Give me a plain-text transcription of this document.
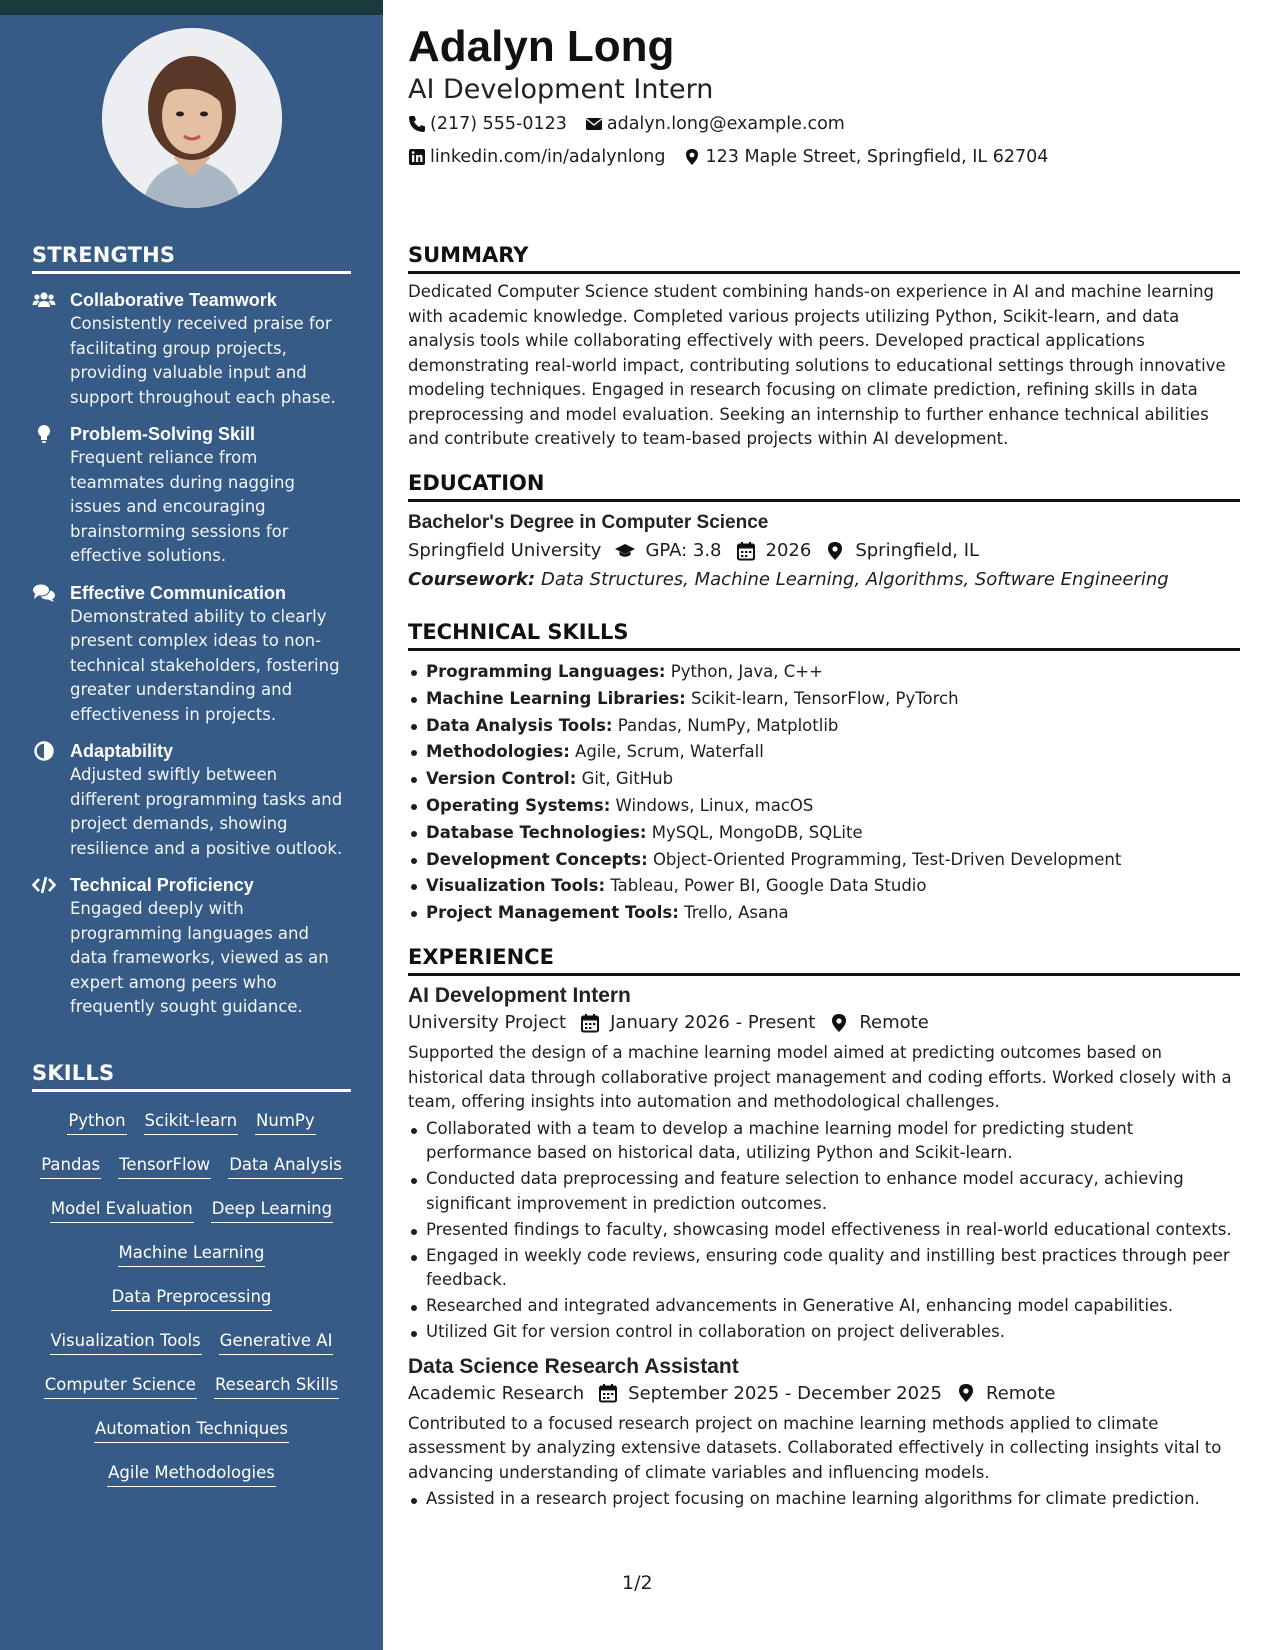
STRENGTHS
Collaborative Teamwork
Consistently received praise for facilitating group projects, providing valuable input and support throughout each phase.
Problem-Solving Skill
Frequent reliance from teammates during nagging issues and encouraging brainstorming sessions for effective solutions.
Effective Communication
Demonstrated ability to clearly present complex ideas to non-technical stakeholders, fostering greater understanding and effectiveness in projects.
Adaptability
Adjusted swiftly between different programming tasks and project demands, showing resilience and a positive outlook.
Technical Proficiency
Engaged deeply with programming languages and data frameworks, viewed as an expert among peers who frequently sought guidance.
SKILLS
Python Scikit-learn NumPy
Pandas TensorFlow Data Analysis
Model Evaluation Deep Learning
Machine Learning
Data Preprocessing
Visualization Tools Generative AI
Computer Science Research Skills
Automation Techniques
Agile Methodologies
Adalyn Long
AI Development Intern
(217) 555-0123 adalyn.long@example.com
linkedin.com/in/adalynlong 123 Maple Street, Springfield, IL 62704
SUMMARY

Dedicated Computer Science student combining hands-on experience in AI and machine learning with academic knowledge. Completed various projects utilizing Python, Scikit-learn, and data analysis tools while collaborating effectively with peers. Developed practical applications demonstrating real-world impact, contributing solutions to educational settings through innovative modeling techniques. Engaged in research focusing on climate prediction, refining skills in data preprocessing and model evaluation. Seeking an internship to further enhance technical abilities and contribute creatively to team-based projects within AI development.

EDUCATION
Bachelor's Degree in Computer Science
Springfield University GPA: 3.8 2026 Springfield, IL
Coursework: Data Structures, Machine Learning, Algorithms, Software Engineering
TECHNICAL SKILLS
Programming Languages: Python, Java, C++
Machine Learning Libraries: Scikit-learn, TensorFlow, PyTorch
Data Analysis Tools: Pandas, NumPy, Matplotlib
Methodologies: Agile, Scrum, Waterfall
Version Control: Git, GitHub
Operating Systems: Windows, Linux, macOS
Database Technologies: MySQL, MongoDB, SQLite
Development Concepts: Object-Oriented Programming, Test-Driven Development
Visualization Tools: Tableau, Power BI, Google Data Studio
Project Management Tools: Trello, Asana
EXPERIENCE
AI Development Intern
University Project January 2026 - Present Remote

Supported the design of a machine learning model aimed at predicting outcomes based on historical data through collaborative project management and coding efforts. Worked closely with a team, offering insights into automation and methodological challenges.

Collaborated with a team to develop a machine learning model for predicting student performance based on historical data, utilizing Python and Scikit-learn.
Conducted data preprocessing and feature selection to enhance model accuracy, achieving significant improvement in prediction outcomes.
Presented findings to faculty, showcasing model effectiveness in real-world educational contexts.
Engaged in weekly code reviews, ensuring code quality and instilling best practices through peer feedback.
Researched and integrated advancements in Generative AI, enhancing model capabilities.
Utilized Git for version control in collaboration on project deliverables.
Data Science Research Assistant
Academic Research September 2025 - December 2025 Remote

Contributed to a focused research project on machine learning methods applied to climate assessment by analyzing extensive datasets. Collaborated effectively in collecting insights vital to advancing understanding of climate variables and influencing models.

Assisted in a research project focusing on machine learning algorithms for climate prediction.
1/2
